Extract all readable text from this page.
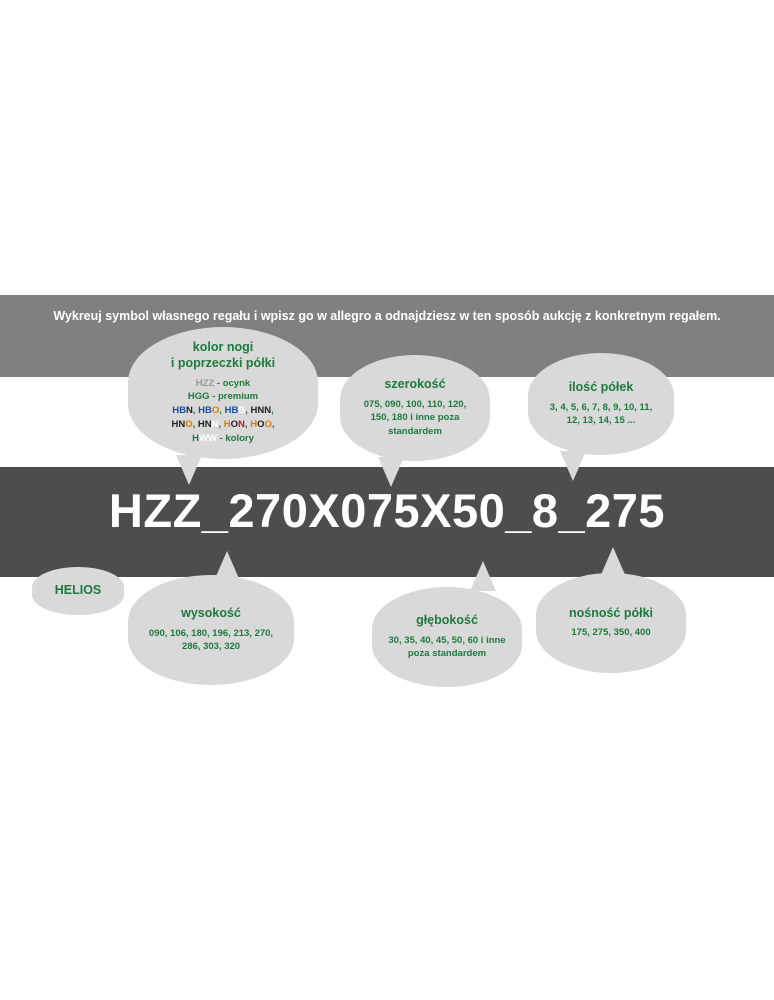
Wykreuj symbol własnego regału i wpisz go w allegro a odnajdziesz w ten sposób aukcję z konkretnym regałem.
HZZ_270X075X50_8_275
kolor nogi
i poprzeczki półki
HZZ - ocynk
HGG - premium
HBN, HBO, HBB, HNN,
HNO, HNN, HON, HOO,
HWW - kolory
szerokość
075, 090, 100, 110, 120, 150, 180 i inne poza standardem
ilość półek
3, 4, 5, 6, 7, 8, 9, 10, 11, 12, 13, 14, 15 ...
HELIOS
wysokość
090, 106, 180, 196, 213, 270, 286, 303, 320
głębokość
30, 35, 40, 45, 50, 60 i inne poza standardem
nośność półki
175, 275, 350, 400
